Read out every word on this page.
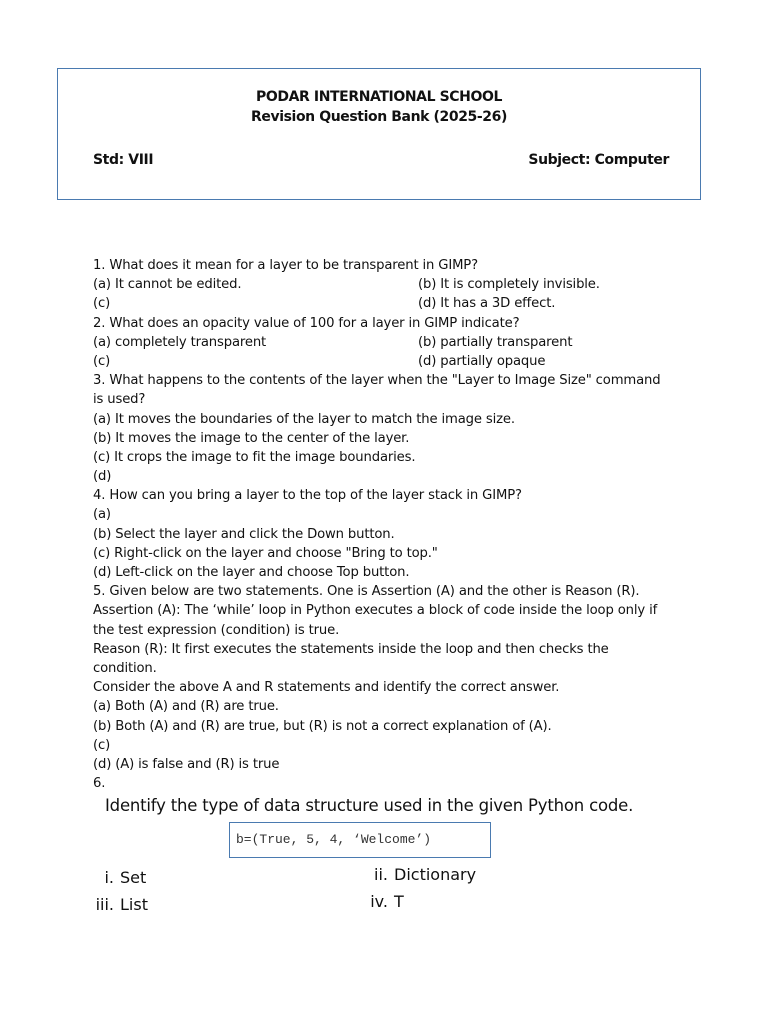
PODAR INTERNATIONAL SCHOOL
Revision Question Bank (2025-26)
Std: VIII	Subject: Computer
1. What does it mean for a layer to be transparent in GIMP?
(a) It cannot be edited.	(b) It is completely invisible.
(c)	(d) It has a 3D effect.
2. What does an opacity value of 100 for a layer in GIMP indicate?
(a) completely transparent	(b) partially transparent
(c)	(d) partially opaque
3. What happens to the contents of the layer when the "Layer to Image Size" command
is used?
(a) It moves the boundaries of the layer to match the image size.
(b) It moves the image to the center of the layer.
(c) It crops the image to fit the image boundaries.
(d)
4. How can you bring a layer to the top of the layer stack in GIMP?
(a)
(b) Select the layer and click the Down button.
(c) Right-click on the layer and choose "Bring to top."
(d) Left-click on the layer and choose Top button.
5. Given below are two statements. One is Assertion (A) and the other is Reason (R).
Assertion (A): The ‘while’ loop in Python executes a block of code inside the loop only if
the test expression (condition) is true.
Reason (R): It first executes the statements inside the loop and then checks the
condition.
Consider the above A and R statements and identify the correct answer.
(a) Both (A) and (R) are true.
(b) Both (A) and (R) are true, but (R) is not a correct explanation of (A).
(c)
(d) (A) is false and (R) is true
6.
Identify the type of data structure used in the given Python code.
b=(True, 5, 4, ‘Welcome’)
i. Set	ii. Dictionary
iii. List	iv. T
